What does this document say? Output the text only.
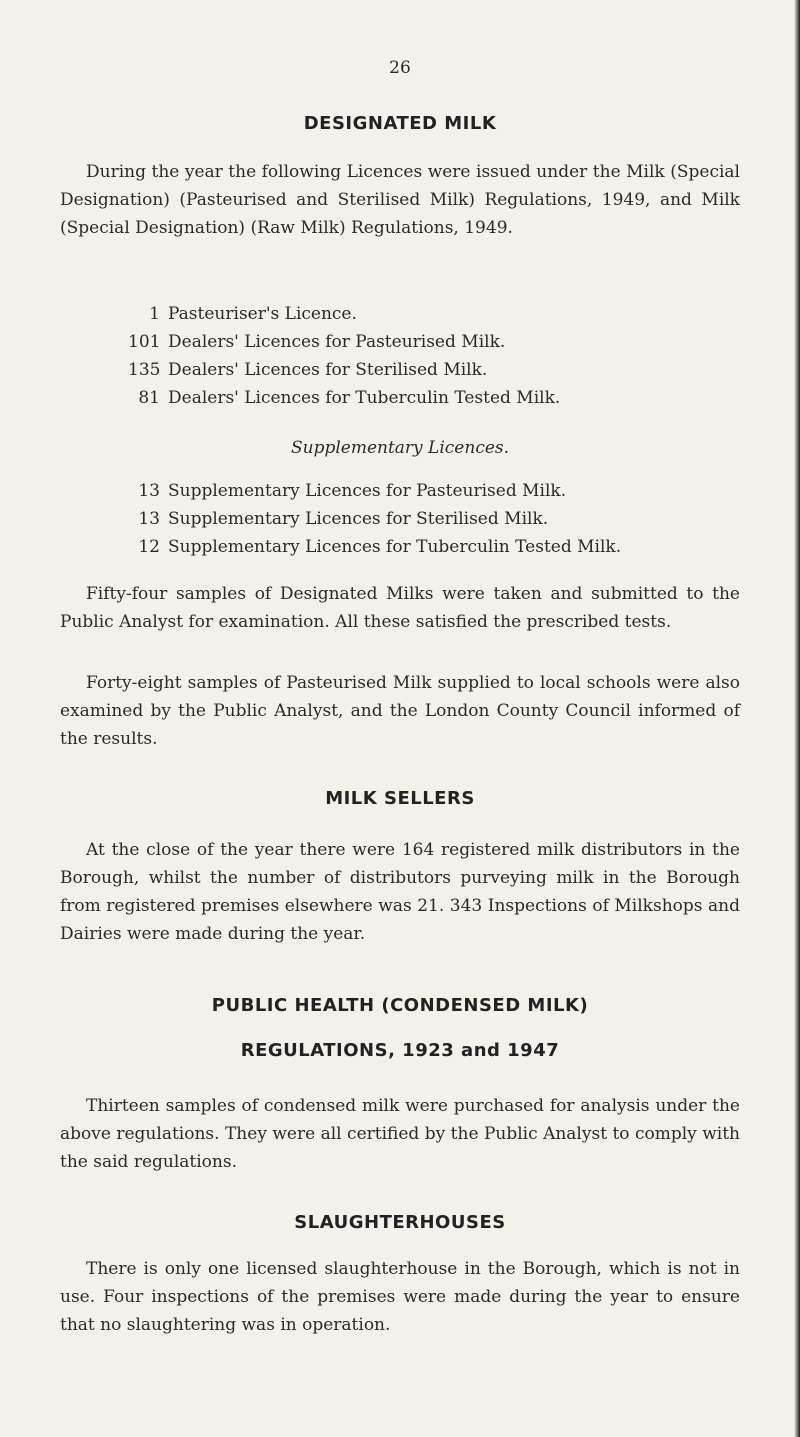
26
DESIGNATED MILK

During the year the following Licences were issued under the Milk (Special Designation) (Pasteurised and Sterilised Milk) Regulations, 1949, and Milk (Special Designation) (Raw Milk) Regulations, 1949.

1 Pasteuriser's Licence.
101 Dealers' Licences for Pasteurised Milk.
135 Dealers' Licences for Sterilised Milk.
81 Dealers' Licences for Tuberculin Tested Milk.
Supplementary Licences.
13 Supplementary Licences for Pasteurised Milk.
13 Supplementary Licences for Sterilised Milk.
12 Supplementary Licences for Tuberculin Tested Milk.

Fifty-four samples of Designated Milks were taken and submitted to the Public Analyst for examination. All these satisfied the prescribed tests.

Forty-eight samples of Pasteurised Milk supplied to local schools were also examined by the Public Analyst, and the London County Council informed of the results.

MILK SELLERS

At the close of the year there were 164 registered milk distributors in the Borough, whilst the number of distributors purveying milk in the Borough from registered premises elsewhere was 21. 343 Inspections of Milkshops and Dairies were made during the year.

PUBLIC HEALTH (CONDENSED MILK)
REGULATIONS, 1923 and 1947

Thirteen samples of condensed milk were purchased for analysis under the above regulations. They were all certified by the Public Analyst to comply with the said regulations.

SLAUGHTERHOUSES

There is only one licensed slaughterhouse in the Borough, which is not in use. Four inspections of the premises were made during the year to ensure that no slaughtering was in operation.
